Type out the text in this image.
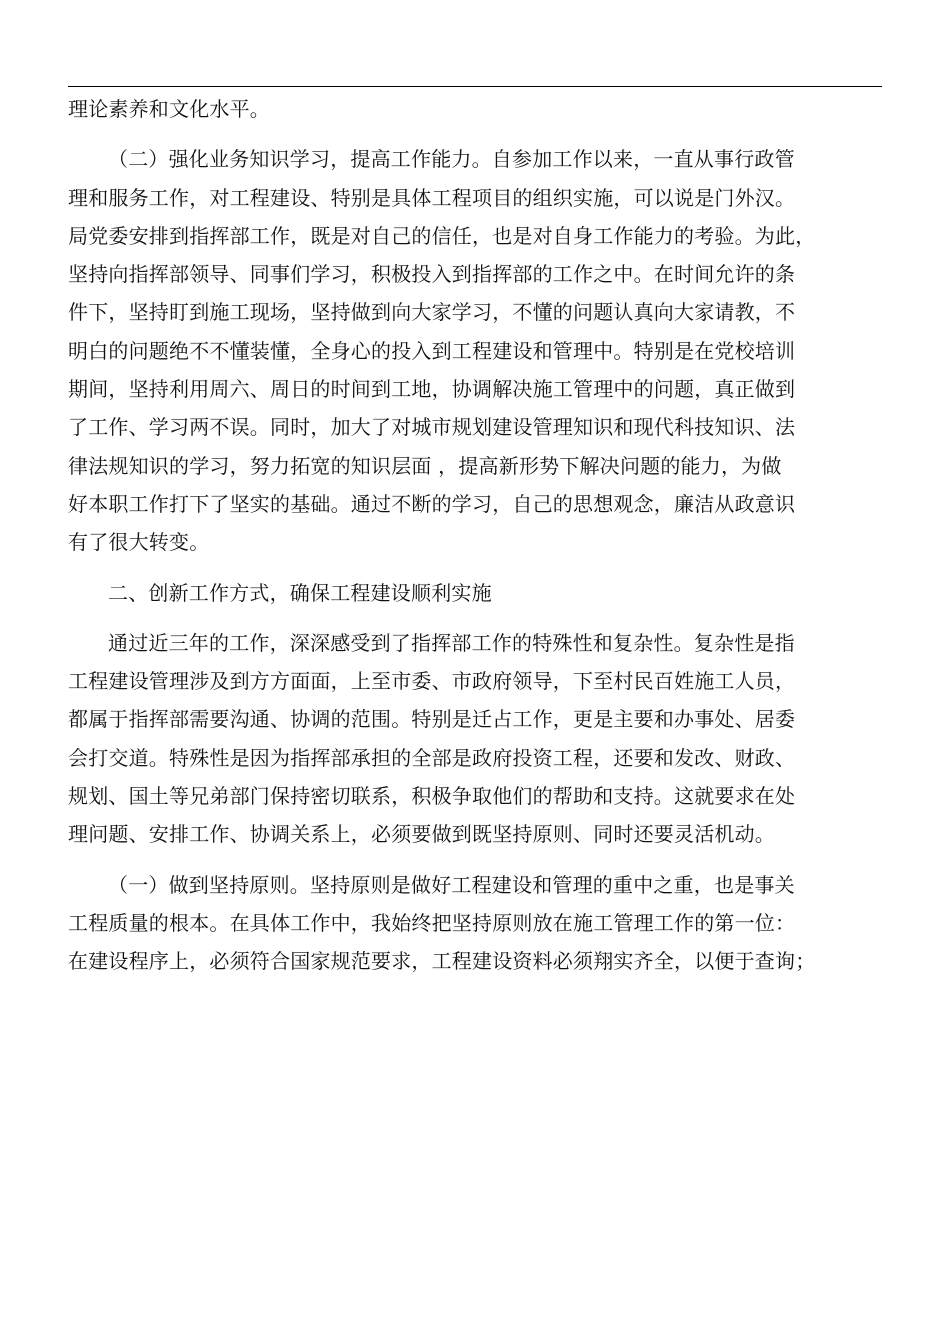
理论素养和文化水平。
（二）强化业务知识学习，提高工作能力。自参加工作以来，一直从事行政管
理和服务工作，对工程建设、特别是具体工程项目的组织实施，可以说是门外汉。
局党委安排到指挥部工作，既是对自己的信任，也是对自身工作能力的考验。为此，
坚持向指挥部领导、同事们学习，积极投入到指挥部的工作之中。在时间允许的条
件下，坚持盯到施工现场，坚持做到向大家学习，不懂的问题认真向大家请教，不
明白的问题绝不不懂装懂，全身心的投入到工程建设和管理中。特别是在党校培训
期间，坚持利用周六、周日的时间到工地，协调解决施工管理中的问题，真正做到
了工作、学习两不误。同时，加大了对城市规划建设管理知识和现代科技知识、法
律法规知识的学习，努力拓宽的知识层面 ，提高新形势下解决问题的能力，为做
好本职工作打下了坚实的基础。通过不断的学习，自己的思想观念，廉洁从政意识
有了很大转变。
二、创新工作方式，确保工程建设顺利实施
通过近三年的工作，深深感受到了指挥部工作的特殊性和复杂性。复杂性是指
工程建设管理涉及到方方面面，上至市委、市政府领导，下至村民百姓施工人员，
都属于指挥部需要沟通、协调的范围。特别是迁占工作，更是主要和办事处、居委
会打交道。特殊性是因为指挥部承担的全部是政府投资工程，还要和发改、财政、
规划、国土等兄弟部门保持密切联系，积极争取他们的帮助和支持。这就要求在处
理问题、安排工作、协调关系上，必须要做到既坚持原则、同时还要灵活机动。
（一）做到坚持原则。坚持原则是做好工程建设和管理的重中之重，也是事关
工程质量的根本。在具体工作中，我始终把坚持原则放在施工管理工作的第一位：
在建设程序上，必须符合国家规范要求，工程建设资料必须翔实齐全，以便于查询；
